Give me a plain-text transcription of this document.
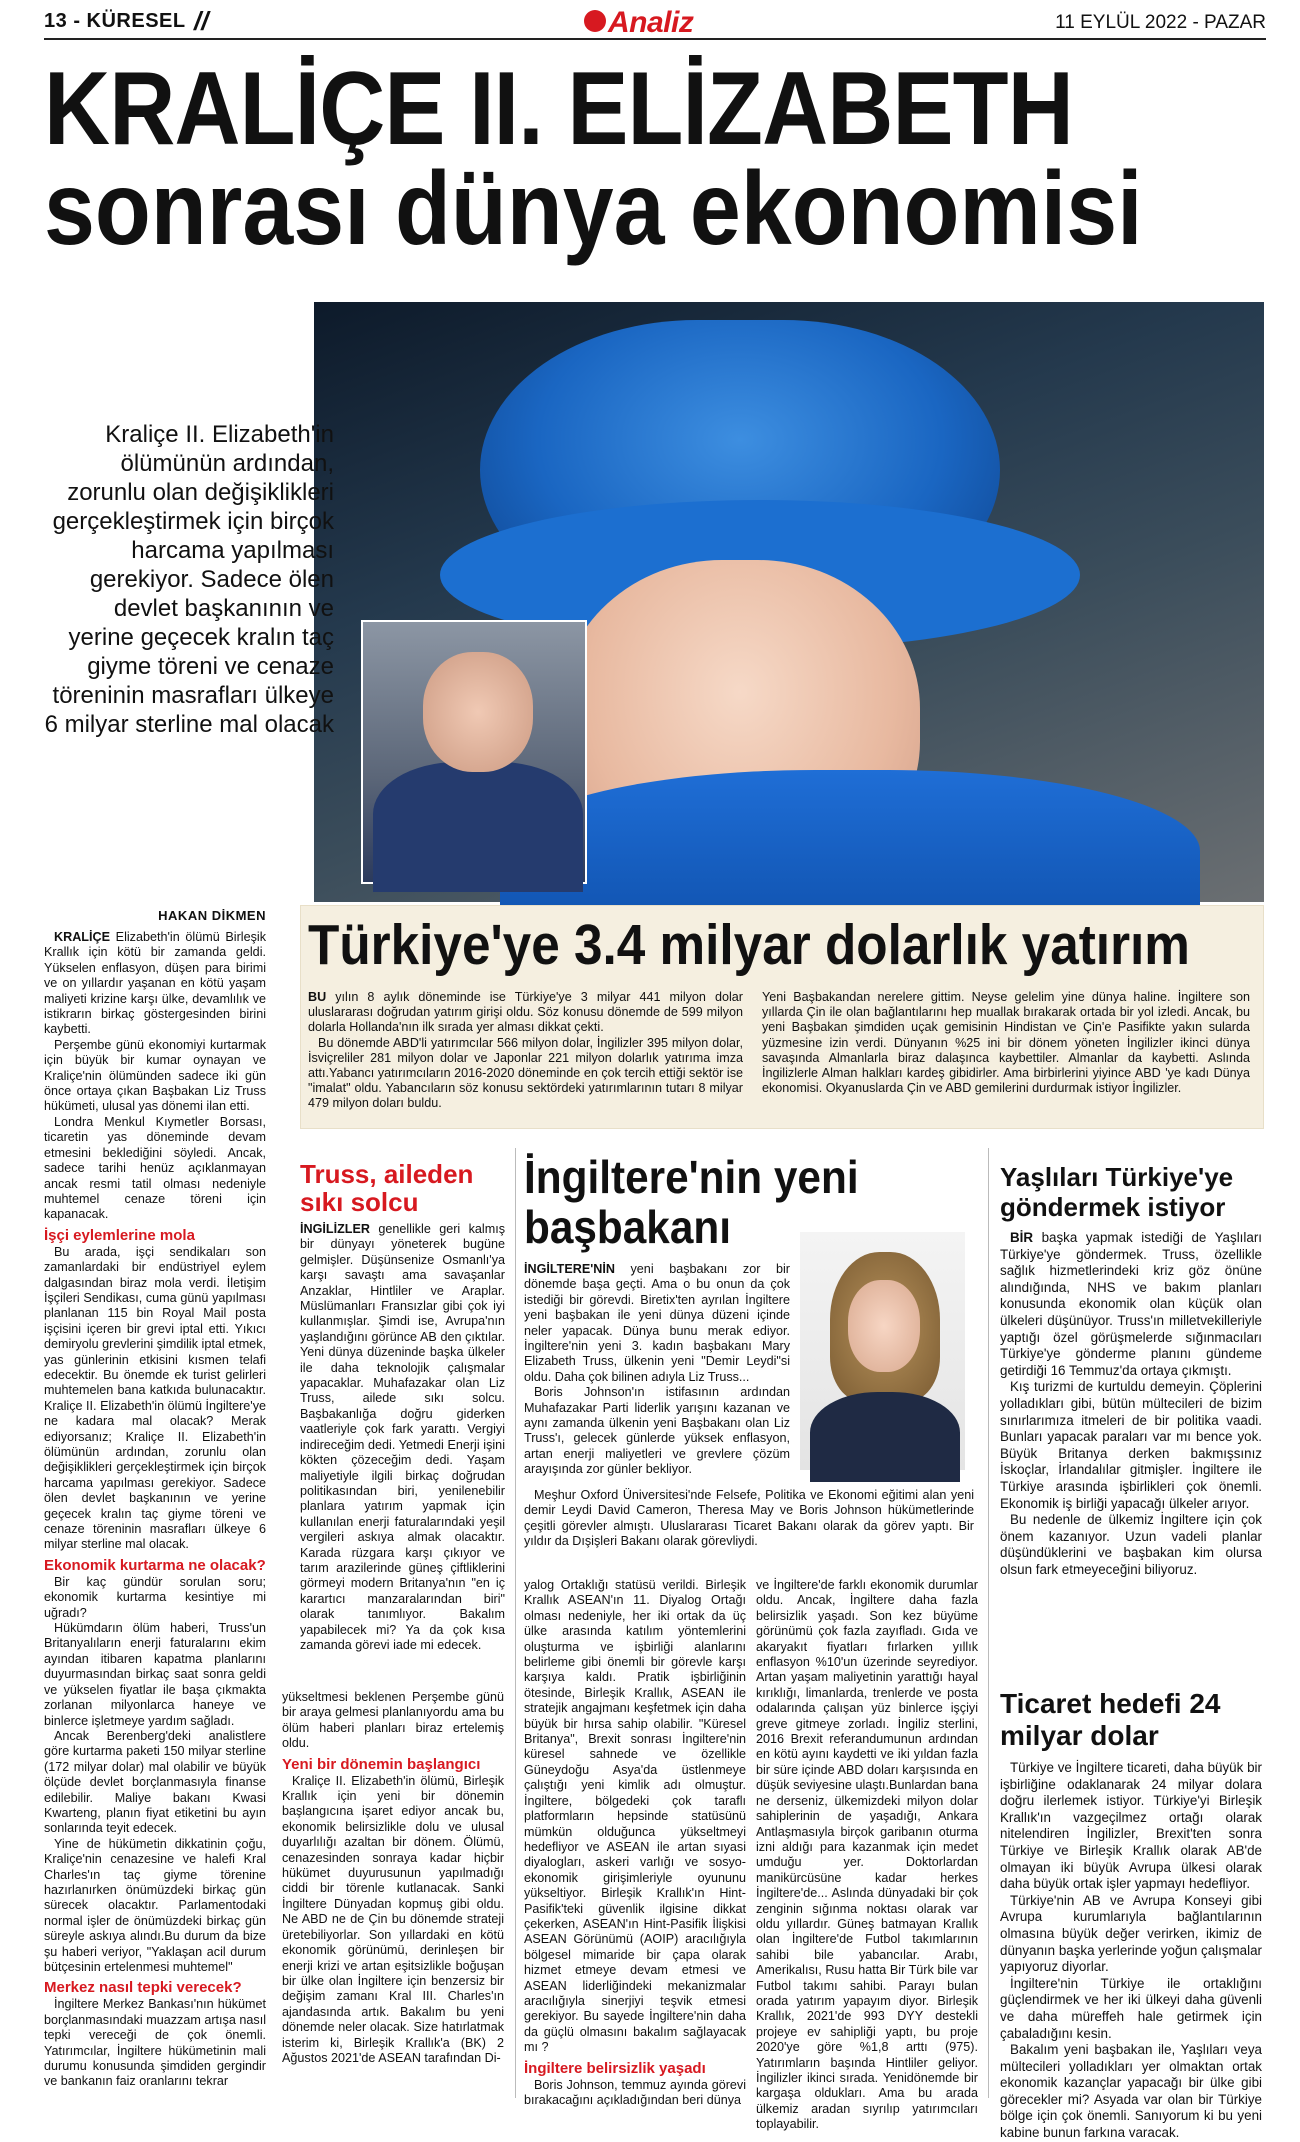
13 - KÜRESEL //	Analiz	11 EYLÜL 2022 - PAZAR
KRALİÇE II. ELİZABETH
sonrası dünya ekonomisi
Kraliçe II. Elizabeth'in ölümünün ardından, zorunlu olan değişiklikleri gerçekleştirmek için birçok harcama yapılması gerekiyor. Sadece ölen devlet başkanının ve yerine geçecek kralın taç giyme töreni ve cenaze töreninin masrafları ülkeye 6 milyar sterline mal olacak
HAKAN DİKMEN

KRALİÇE Elizabeth'in ölümü Birleşik Krallık için kötü bir zamanda geldi. Yükselen enflasyon, düşen para birimi ve on yıllardır yaşanan en kötü yaşam maliyeti krizine karşı ülke, devamlılık ve istikrarın birkaç göstergesinden birini kaybetti.

Perşembe günü ekonomiyi kurtarmak için büyük bir kumar oynayan ve Kraliçe'nin ölümünden sadece iki gün önce ortaya çıkan Başbakan Liz Truss hükümeti, ulusal yas dönemi ilan etti.

Londra Menkul Kıymetler Borsası, ticaretin yas döneminde devam etmesini beklediğini söyledi. Ancak, sadece tarihi henüz açıklanmayan ancak resmi tatil olması nedeniyle muhtemel cenaze töreni için kapanacak.

İşçi eylemlerine mola

Bu arada, işçi sendikaları son zamanlardaki bir endüstriyel eylem dalgasından biraz mola verdi. İletişim İşçileri Sendikası, cuma günü yapılması planlanan 115 bin Royal Mail posta işçisini içeren bir grevi iptal etti. Yıkıcı demiryolu grevlerini şimdilik iptal etmek, yas günlerinin etkisini kısmen telafi edecektir. Bu önemde ek turist gelirleri muhtemelen bana katkıda bulunacaktır. Kraliçe II. Elizabeth'in ölümü İngiltere'ye ne kadara mal olacak? Merak ediyorsanız; Kraliçe II. Elizabeth'in ölümünün ardından, zorunlu olan değişiklikleri gerçekleştirmek için birçok harcama yapılması gerekiyor. Sadece ölen devlet başkanının ve yerine geçecek kralın taç giyme töreni ve cenaze töreninin masrafları ülkeye 6 milyar sterline mal olacak.

Ekonomik kurtarma ne olacak?

Bir kaç gündür sorulan soru; ekonomik kurtarma kesintiye mi uğradı?

Hükümdarın ölüm haberi, Truss'un Britanyalıların enerji faturalarını ekim ayından itibaren kapatma planlarını duyurmasından birkaç saat sonra geldi ve yükselen fiyatlar ile başa çıkmakta zorlanan milyonlarca haneye ve binlerce işletmeye yardım sağladı.

Ancak Berenberg'deki analistlere göre kurtarma paketi 150 milyar sterline (172 milyar dolar) mal olabilir ve büyük ölçüde devlet borçlanmasıyla finanse edilebilir. Maliye bakanı Kwasi Kwarteng, planın fiyat etiketini bu ayın sonlarında teyit edecek.

Yine de hükümetin dikkatinin çoğu, Kraliçe'nin cenazesine ve halefi Kral Charles'ın taç giyme törenine hazırlanırken önümüzdeki birkaç gün sürecek olacaktır. Parlamentodaki normal işler de önümüzdeki birkaç gün süreyle askıya alındı.Bu durum da bize şu haberi veriyor, "Yaklaşan acil durum bütçesinin ertelenmesi muhtemel"

Merkez nasıl tepki verecek?

İngiltere Merkez Bankası'nın hükümet borçlanmasındaki muazzam artışa nasıl tepki vereceği de çok önemli. Yatırımcılar, İngiltere hükümetinin mali durumu konusunda şimdiden gergindir ve bankanın faiz oranlarını tekrar

Türkiye'ye 3.4 milyar dolarlık yatırım

BU yılın 8 aylık döneminde ise Türkiye'ye 3 milyar 441 milyon dolar uluslararası doğrudan yatırım girişi oldu. Söz konusu dönemde de 599 milyon dolarla Hollanda'nın ilk sırada yer alması dikkat çekti.

Bu dönemde ABD'li yatırımcılar 566 milyon dolar, İngilizler 395 milyon dolar, İsviçreliler 281 milyon dolar ve Japonlar 221 milyon dolarlık yatırıma imza attı.Yabancı yatırımcıların 2016-2020 döneminde en çok tercih ettiği sektör ise "imalat" oldu. Yabancıların söz konusu sektördeki yatırımlarının tutarı 8 milyar 479 milyon doları buldu.

Yeni Başbakandan nerelere gittim. Neyse gelelim yine dünya haline. İngiltere son yıllarda Çin ile olan bağlantılarını hep muallak bırakarak ortada bir yol izledi. Ancak, bu yeni Başbakan şimdiden uçak gemisinin Hindistan ve Çin'e Pasifikte yakın sularda yüzmesine izin verdi. Dünyanın %25 ini bir dönem yöneten İngilizler ikinci dünya savaşında Almanlarla biraz dalaşınca kaybettiler. Almanlar da kaybetti. Aslında İngilizlerle Alman halkları kardeş gibidirler. Ama birbirlerini yiyince ABD 'ye kadı Dünya ekonomisi. Okyanuslarda Çin ve ABD gemilerini durdurmak istiyor İngilizler.
Truss, aileden sıkı solcu

İNGİLİZLER genellikle geri kalmış bir dünyayı yöneterek bugüne gelmişler. Düşünsenize Osmanlı'ya karşı savaştı ama savaşanlar Anzaklar, Hintliler ve Araplar. Müslümanları Fransızlar gibi çok iyi kullanmışlar. Şimdi ise, Avrupa'nın yaşlandığını görünce AB den çıktılar. Yeni dünya düzeninde başka ülkeler ile daha teknolojik çalışmalar yapacaklar. Muhafazakar olan Liz Truss, ailede sıkı solcu. Başbakanlığa doğru giderken vaatleriyle çok fark yarattı. Vergiyi indireceğim dedi. Yetmedi Enerji işini kökten çözeceğim dedi. Yaşam maliyetiyle ilgili birkaç doğrudan politikasından biri, yenilenebilir planlara yatırım yapmak için kullanılan enerji faturalarındaki yeşil vergileri askıya almak olacaktır. Karada rüzgara karşı çıkıyor ve tarım arazilerinde güneş çiftliklerini görmeyi modern Britanya'nın "en iç karartıcı manzaralarından biri" olarak tanımlıyor. Bakalım yapabilecek mi? Ya da çok kısa zamanda görevi iade mi edecek.

yükseltmesi beklenen Perşembe günü bir araya gelmesi planlanıyordu ama bu ölüm haberi planları biraz ertelemiş oldu.

Yeni bir dönemin başlangıcı

Kraliçe II. Elizabeth'in ölümü, Birleşik Krallık için yeni bir dönemin başlangıcına işaret ediyor ancak bu, ekonomik belirsizlikle dolu ve ulusal duyarlılığı azaltan bir dönem. Ölümü, cenazesinden sonraya kadar hiçbir hükümet duyurusunun yapılmadığı ciddi bir törenle kutlanacak. Sanki İngiltere Dünyadan kopmuş gibi oldu. Ne ABD ne de Çin bu dönemde strateji üretebiliyorlar. Son yıllardaki en kötü ekonomik görünümü, derinleşen bir enerji krizi ve artan eşitsizlikle boğuşan bir ülke olan İngiltere için benzersiz bir değişim zamanı Kral III. Charles'ın ajandasında artık. Bakalım bu yeni dönemde neler olacak. Size hatırlatmak isterim ki, Birleşik Krallık'a (BK) 2 Ağustos 2021'de ASEAN tarafından Di-

İngiltere'nin yeni başbakanı

İNGİLTERE'NİN yeni başbakanı zor bir dönemde başa geçti. Ama o bu onun da çok istediği bir görevdi. Biretix'ten ayrılan İngiltere yeni başbakan ile yeni dünya düzeni içinde neler yapacak. Dünya bunu merak ediyor. İngiltere'nin yeni 3. kadın başbakanı Mary Elizabeth Truss, ülkenin yeni "Demir Leydi"si oldu. Daha çok bilinen adıyla Liz Truss...

Boris Johnson'ın istifasının ardından Muhafazakar Parti liderlik yarışını kazanan ve aynı zamanda ülkenin yeni Başbakanı olan Liz Truss'ı, gelecek günlerde yüksek enflasyon, artan enerji maliyetleri ve grevlere çözüm arayışında zor günler bekliyor.

Meşhur Oxford Üniversitesi'nde Felsefe, Politika ve Ekonomi eğitimi alan yeni demir Leydi David Cameron, Theresa May ve Boris Johnson hükümetlerinde çeşitli görevler almıştı. Uluslararası Ticaret Bakanı olarak da görev yaptı. Bir yıldır da Dışişleri Bakanı olarak görevliydi.

yalog Ortaklığı statüsü verildi. Birleşik Krallık ASEAN'ın 11. Diyalog Ortağı olması nedeniyle, her iki ortak da üç ülke arasında katılım yöntemlerini oluşturma ve işbirliği alanlarını belirleme gibi önemli bir görevle karşı karşıya kaldı. Pratik işbirliğinin ötesinde, Birleşik Krallık, ASEAN ile stratejik angajmanı keşfetmek için daha büyük bir hırsa sahip olabilir. "Küresel Britanya", Brexit sonrası İngiltere'nin küresel sahnede ve özellikle Güneydoğu Asya'da üstlenmeye çalıştığı yeni kimlik adı olmuştur. İngiltere, bölgedeki çok taraflı platformların hepsinde statüsünü mümkün olduğunca yükseltmeyi hedefliyor ve ASEAN ile artan sıyasi diyalogları, askeri varlığı ve sosyo-ekonomik girişimleriyle oyununu yükseltiyor. Birleşik Krallık'ın Hint-Pasifik'teki güvenlik ilgisine dikkat çekerken, ASEAN'ın Hint-Pasifik İlişkisi ASEAN Görünümü (AOIP) aracılığıyla bölgesel mimaride bir çapa olarak hizmet etmeye devam etmesi ve ASEAN liderliğindeki mekanizmalar aracılığıyla sinerjiyi teşvik etmesi gerekiyor. Bu sayede İngiltere'nin daha da güçlü olmasını bakalım sağlayacak mı ?

İngiltere belirsizlik yaşadı

Boris Johnson, temmuz ayında görevi bırakacağını açıkladığından beri dünya

ve İngiltere'de farklı ekonomik durumlar oldu. Ancak, İngiltere daha fazla belirsizlik yaşadı. Son kez büyüme görünümü çok fazla zayıfladı. Gıda ve akaryakıt fiyatları fırlarken yıllık enflasyon %10'un üzerinde seyrediyor. Artan yaşam maliyetinin yarattığı hayal kırıklığı, limanlarda, trenlerde ve posta odalarında çalışan yüz binlerce işçiyi greve gitmeye zorladı. İngiliz sterlini, 2016 Brexit referandumunun ardından en kötü ayını kaydetti ve iki yıldan fazla bir süre içinde ABD doları karşısında en düşük seviyesine ulaştı.Bunlardan bana ne derseniz, ülkemizdeki milyon dolar sahiplerinin de yaşadığı, Ankara Antlaşmasıyla birçok garibanın oturma izni aldığı para kazanmak için medet umduğu yer. Doktorlardan manikürcüsüne kadar herkes İngiltere'de... Aslında dünyadaki bir çok zenginin sığınma noktası olarak var oldu yıllardır. Güneş batmayan Krallık olan İngiltere'de Futbol takımlarının sahibi bile yabancılar. Arabı, Amerikalısı, Rusu hatta Bir Türk bile var Futbol takımı sahibi. Parayı bulan orada yatırım yapayım diyor. Birleşik Krallık, 2021'de 993 DYY destekli projeye ev sahipliği yaptı, bu proje 2020'ye göre %1,8 arttı (975). Yatırımların başında Hintliler geliyor. İngilizler ikinci sırada. Yenidönemde bir kargaşa oldukları. Ama bu arada ülkemiz aradan sıyrılıp yatırımcıları toplayabilir.

Yaşlıları Türkiye'ye göndermek istiyor

BİR başka yapmak istediği de Yaşlıları Türkiye'ye göndermek. Truss, özellikle sağlık hizmetlerindeki kriz göz önüne alındığında, NHS ve bakım planları konusunda ekonomik olan küçük olan ülkeleri düşünüyor. Truss'ın milletvekilleriyle yaptığı özel görüşmelerde sığınmacıları Türkiye'ye gönderme planını gündeme getirdiği 16 Temmuz'da ortaya çıkmıştı.

Kış turizmi de kurtuldu demeyin. Çöplerini yolladıkları gibi, bütün mültecileri de bizim sınırlarımıza itmeleri de bir politika vaadi. Bunları yapacak paraları var mı bence yok. Büyük Britanya derken bakmışsınız İskoçlar, İrlandalılar gitmişler. İngiltere ile Türkiye arasında işbirlikleri çok önemli. Ekonomik iş birliği yapacağı ülkeler arıyor.

Bu nedenle de ülkemiz İngiltere için çok önem kazanıyor. Uzun vadeli planlar düşündüklerini ve başbakan kim olursa olsun fark etmeyeceğini biliyoruz.

Ticaret hedefi 24 milyar dolar

Türkiye ve İngiltere ticareti, daha büyük bir işbirliğine odaklanarak 24 milyar dolara doğru ilerlemek istiyor. Türkiye'yi Birleşik Krallık'ın vazgeçilmez ortağı olarak nitelendiren İngilizler, Brexit'ten sonra Türkiye ve Birleşik Krallık olarak AB'de olmayan iki büyük Avrupa ülkesi olarak daha büyük ortak işler yapmayı hedefliyor.

Türkiye'nin AB ve Avrupa Konseyi gibi Avrupa kurumlarıyla bağlantılarının olmasına büyük değer verirken, ikimiz de dünyanın başka yerlerinde yoğun çalışmalar yapıyoruz diyorlar.

İngiltere'nin Türkiye ile ortaklığını güçlendirmek ve her iki ülkeyi daha güvenli ve daha müreffeh hale getirmek için çabaladığını kesin.

Bakalım yeni başbakan ile, Yaşlıları veya mültecileri yolladıkları yer olmaktan ortak ekonomik kazançlar yapacağı bir ülke gibi görecekler mi? Asyada var olan bir Türkiye bölge için çok önemli. Sanıyorum ki bu yeni kabine bunun farkına varacak.
